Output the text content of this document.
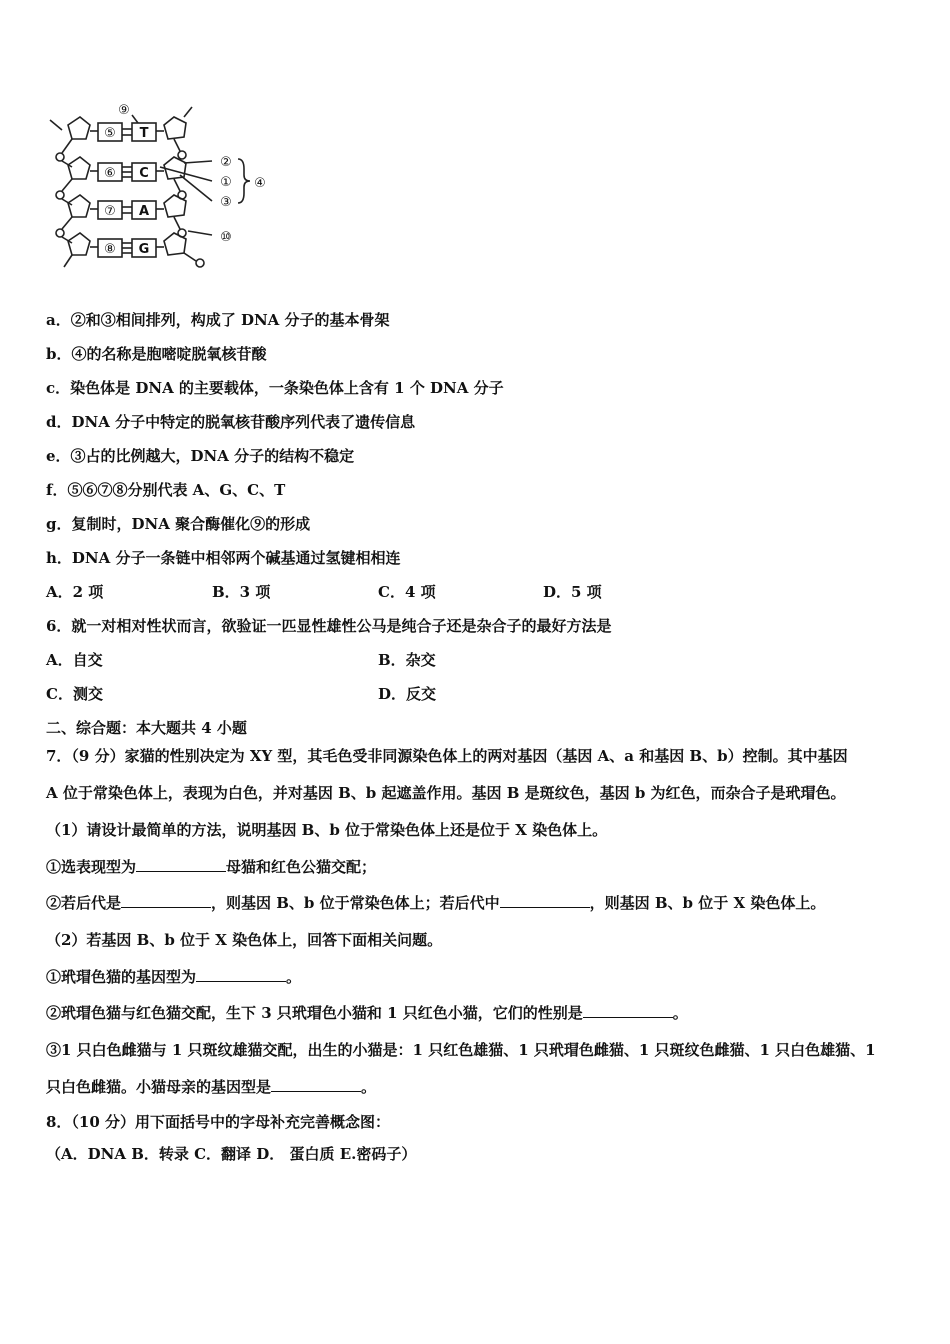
⑨
⑤
⑥
⑦
⑧
T
C
A
G
②
①
③
④
⑩
a．②和③相间排列，构成了 DNA 分子的基本骨架
b．④的名称是胞嘧啶脱氧核苷酸
c．染色体是 DNA 的主要载体，一条染色体上含有 1 个 DNA 分子
d．DNA 分子中特定的脱氧核苷酸序列代表了遗传信息
e．③占的比例越大，DNA 分子的结构不稳定
f．⑤⑥⑦⑧分别代表 A、G、C、T
g．复制时，DNA 聚合酶催化⑨的形成
h．DNA 分子一条链中相邻两个碱基通过氢键相相连
A．2 项	B．3 项	C．4 项	D．5 项
6．就一对相对性状而言，欲验证一匹显性雄性公马是纯合子还是杂合子的最好方法是
A．自交	B．杂交
C．测交	D．反交
二、综合题：本大题共 4 小题
7．（9 分）家猫的性别决定为 XY 型，其毛色受非同源染色体上的两对基因（基因 A、a 和基因 B、b）控制。其中基因
A 位于常染色体上，表现为白色，并对基因 B、b 起遮盖作用。基因 B 是斑纹色，基因 b 为红色，而杂合子是玳瑁色。
（1）请设计最简单的方法，说明基因 B、b 位于常染色体上还是位于 X 染色体上。
①选表现型为	母猫和红色公猫交配；
②若后代是	，则基因 B、b 位于常染色体上；若后代中	，则基因 B、b 位于 X 染色体上。
（2）若基因 B、b 位于 X 染色体上，回答下面相关问题。
①玳瑁色猫的基因型为	。
②玳瑁色猫与红色猫交配，生下 3 只玳瑁色小猫和 1 只红色小猫，它们的性别是	。
③1 只白色雌猫与 1 只斑纹雄猫交配，出生的小猫是：1 只红色雄猫、1 只玳瑁色雌猫、1 只斑纹色雌猫、1 只白色雄猫、1
只白色雌猫。小猫母亲的基因型是	。
8．（10 分）用下面括号中的字母补充完善概念图：
（A．DNA B．转录 C．翻译 D． 蛋白质 E.密码子）
